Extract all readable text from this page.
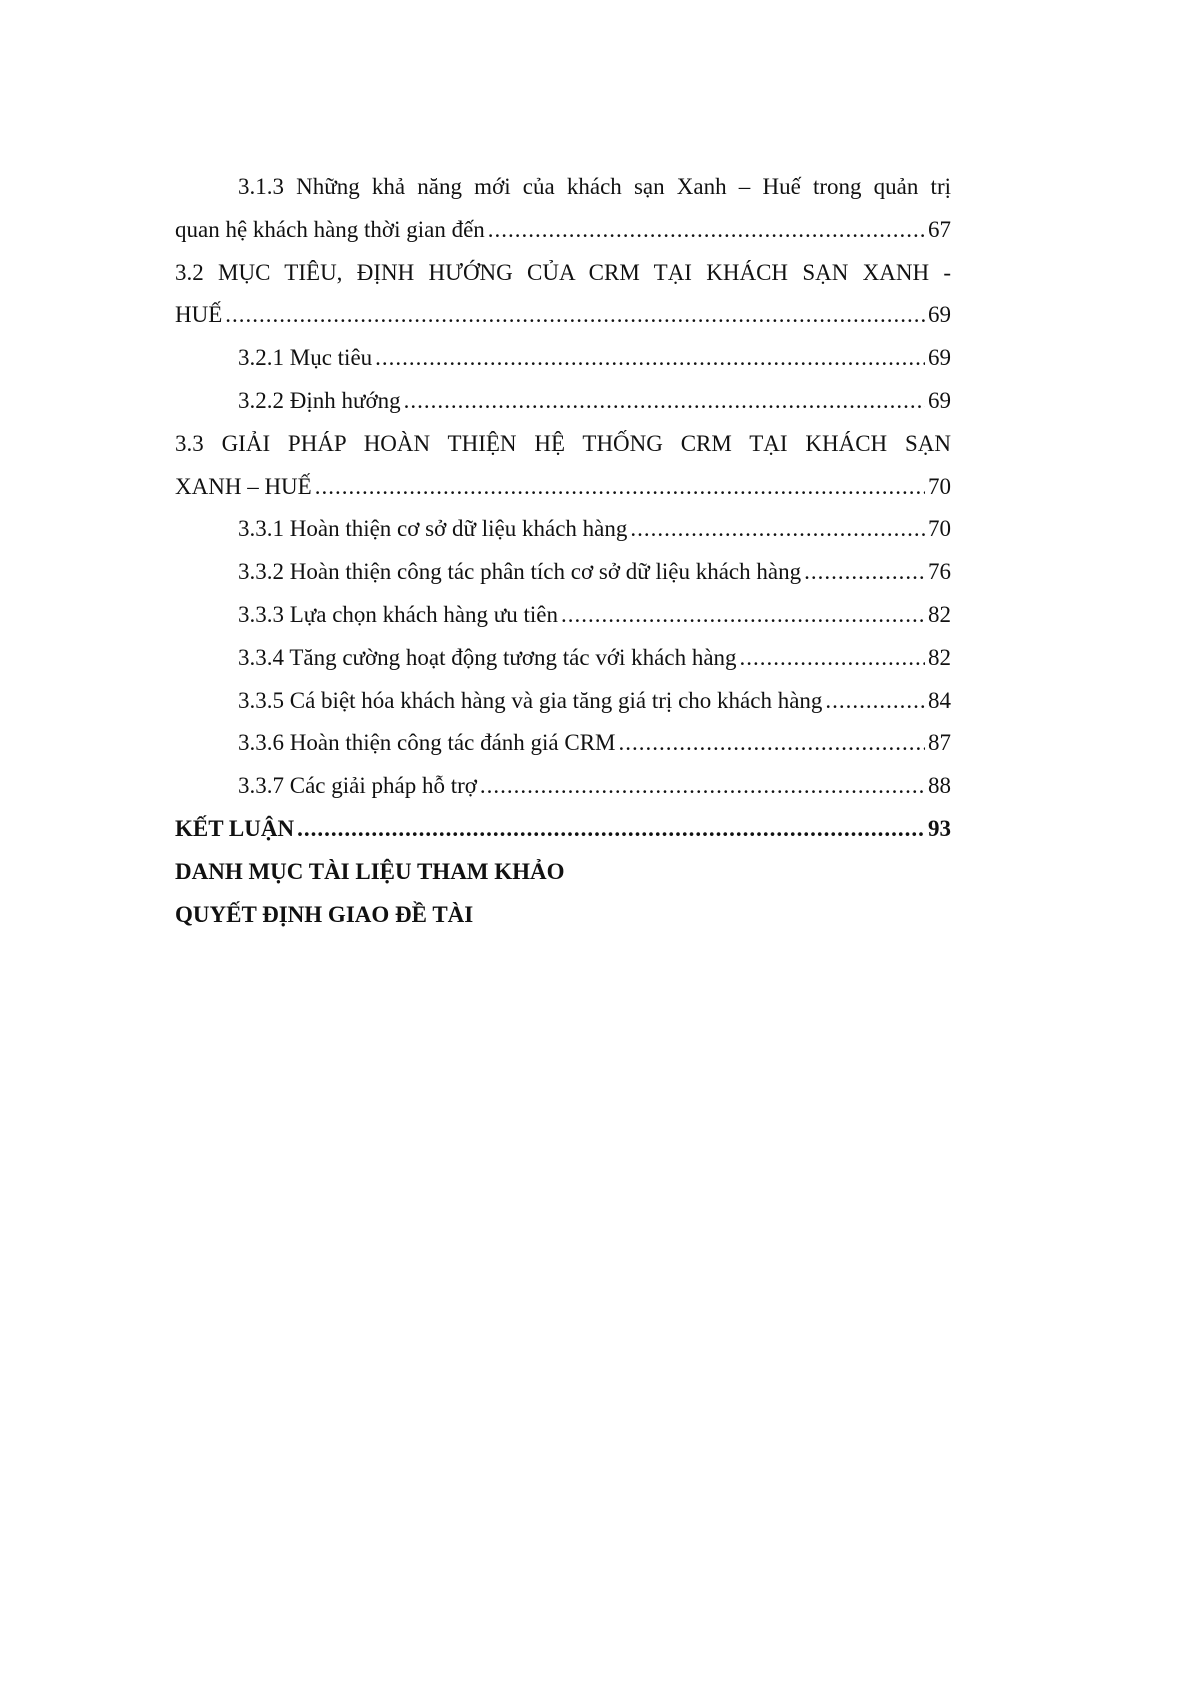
3.1.3 Những khả năng mới của khách sạn Xanh – Huế trong quản trị
quan hệ khách hàng thời gian đến .....	67
3.2 MỤC TIÊU, ĐỊNH HƯỚNG CỦA CRM TẠI KHÁCH SẠN XANH -
HUẾ .....	69
3.2.1 Mục tiêu .....	69
3.2.2 Định hướng .....	69
3.3 GIẢI PHÁP HOÀN THIỆN HỆ THỐNG CRM TẠI KHÁCH SẠN
XANH – HUẾ .....	70
3.3.1 Hoàn thiện cơ sở dữ liệu khách hàng .....	70
3.3.2 Hoàn thiện công tác phân tích cơ sở dữ liệu khách hàng .....	76
3.3.3 Lựa chọn khách hàng ưu tiên .....	82
3.3.4 Tăng cường hoạt động tương tác với khách hàng .....	82
3.3.5 Cá biệt hóa khách hàng và gia tăng giá trị cho khách hàng .....	84
3.3.6 Hoàn thiện công tác đánh giá CRM .....	87
3.3.7 Các giải pháp hỗ trợ .....	88
KẾT LUẬN .....	93
DANH MỤC TÀI LIỆU THAM KHẢO
QUYẾT ĐỊNH GIAO ĐỀ TÀI
